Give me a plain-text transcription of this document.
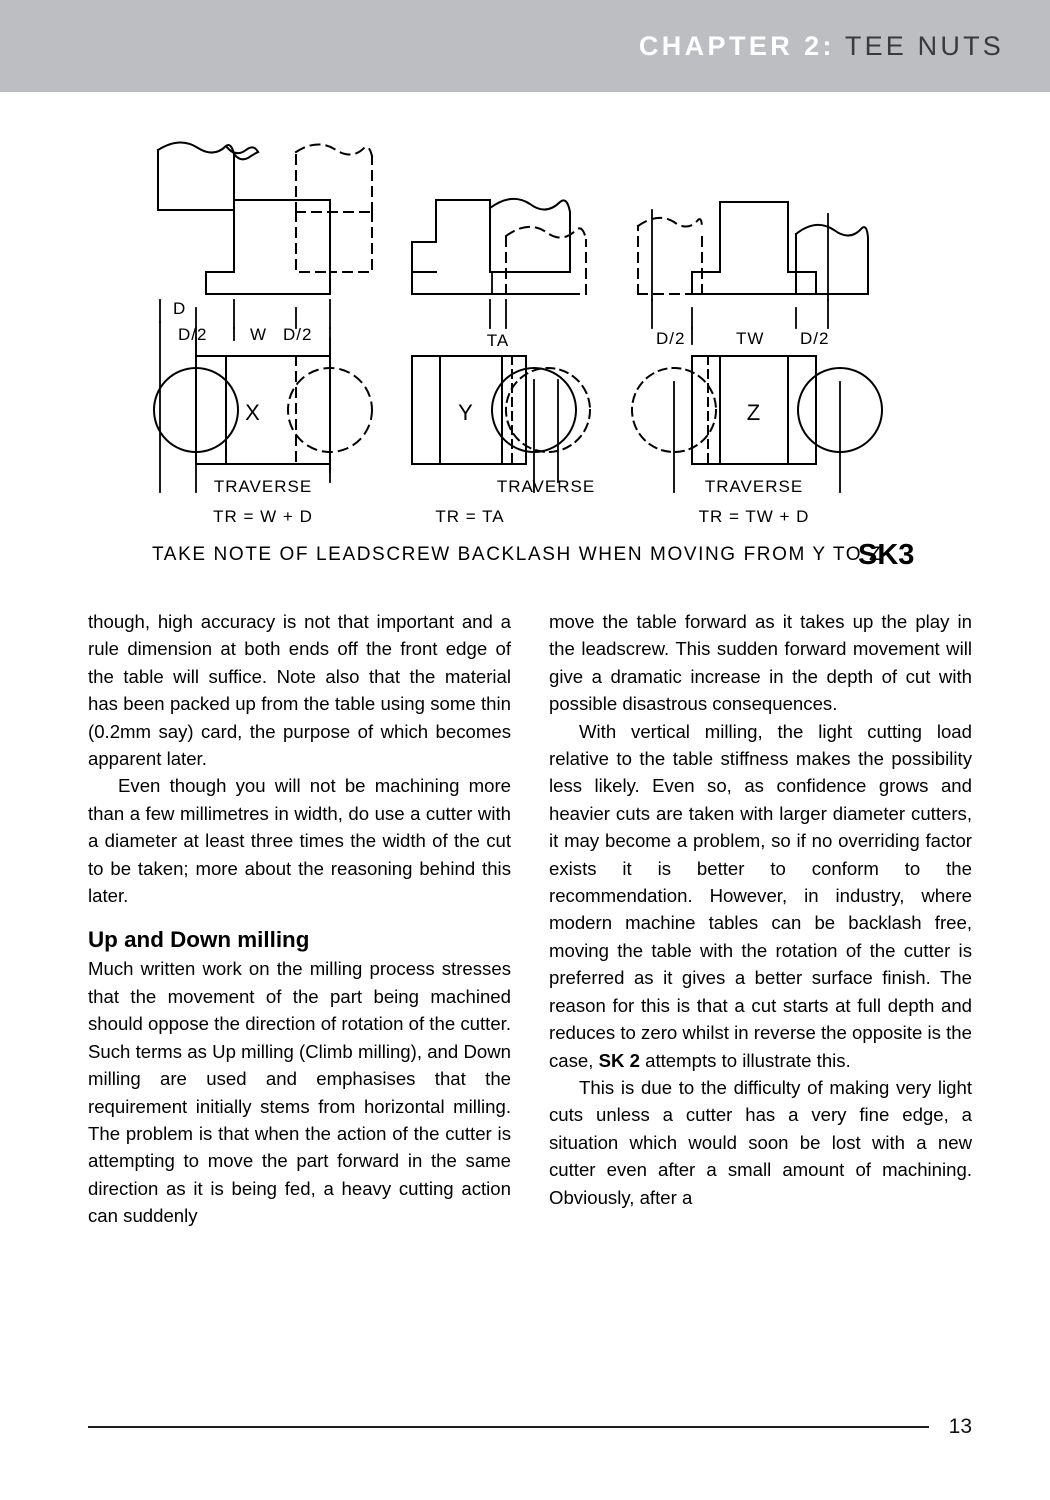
CHAPTER 2: TEE NUTS
D
D/2	W D/2
X
TRAVERSE
TR = W + D
TA
Y
TRAVERSE
TR = TA
D/2	TW D/2
Z
TRAVERSE
TR = TW + D
TAKE NOTE OF LEADSCREW BACKLASH WHEN MOVING FROM Y TO Z
SK3

though, high accuracy is not that important and a rule dimension at both ends off the front edge of the table will suffice. Note also that the material has been packed up from the table using some thin (0.2mm say) card, the purpose of which becomes apparent later.

Even though you will not be machining more than a few millimetres in width, do use a cutter with a diameter at least three times the width of the cut to be taken; more about the reasoning behind this later.

Up and Down milling

Much written work on the milling process stresses that the movement of the part being machined should oppose the direction of rotation of the cutter. Such terms as Up milling (Climb milling), and Down milling are used and emphasises that the requirement initially stems from horizontal milling. The problem is that when the action of the cutter is attempting to move the part forward in the same direction as it is being fed, a heavy cutting action can suddenly

move the table forward as it takes up the play in the leadscrew. This sudden forward movement will give a dramatic increase in the depth of cut with possible disastrous consequences.

With vertical milling, the light cutting load relative to the table stiffness makes the possibility less likely. Even so, as confidence grows and heavier cuts are taken with larger diameter cutters, it may become a problem, so if no overriding factor exists it is better to conform to the recommendation. However, in industry, where modern machine tables can be backlash free, moving the table with the rotation of the cutter is preferred as it gives a better surface finish. The reason for this is that a cut starts at full depth and reduces to zero whilst in reverse the opposite is the case, SK 2 attempts to illustrate this.

This is due to the difficulty of making very light cuts unless a cutter has a very fine edge, a situation which would soon be lost with a new cutter even after a small amount of machining. Obviously, after a

13
